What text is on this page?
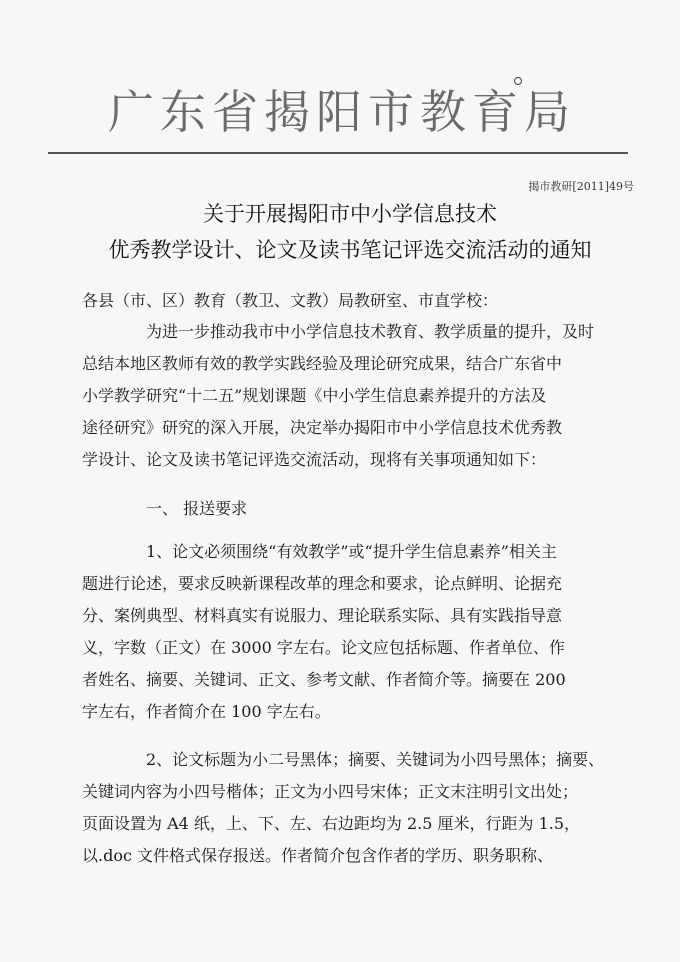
广东省揭阳市教育局
揭市教研[2011]49号
关于开展揭阳市中小学信息技术
优秀教学设计、论文及读书笔记评选交流活动的通知
各县（市、区）教育（教卫、文教）局教研室、市直学校：
为进一步推动我市中小学信息技术教育、教学质量的提升，及时
总结本地区教师有效的教学实践经验及理论研究成果，结合广东省中
小学教学研究“十二五”规划课题《中小学生信息素养提升的方法及
途径研究》研究的深入开展，决定举办揭阳市中小学信息技术优秀教
学设计、论文及读书笔记评选交流活动，现将有关事项通知如下：
一、 报送要求
1、论文必须围绕“有效教学”或“提升学生信息素养”相关主
题进行论述，要求反映新课程改革的理念和要求，论点鲜明、论据充
分、案例典型、材料真实有说服力、理论联系实际、具有实践指导意
义，字数（正文）在 3000 字左右。论文应包括标题、作者单位、作
者姓名、摘要、关键词、正文、参考文献、作者简介等。摘要在 200
字左右，作者简介在 100 字左右。
2、论文标题为小二号黑体；摘要、关键词为小四号黑体；摘要、
关键词内容为小四号楷体；正文为小四号宋体；正文末注明引文出处；
页面设置为 A4 纸，上、下、左、右边距均为 2.5 厘米，行距为 1.5，
以.doc 文件格式保存报送。作者简介包含作者的学历、职务职称、
